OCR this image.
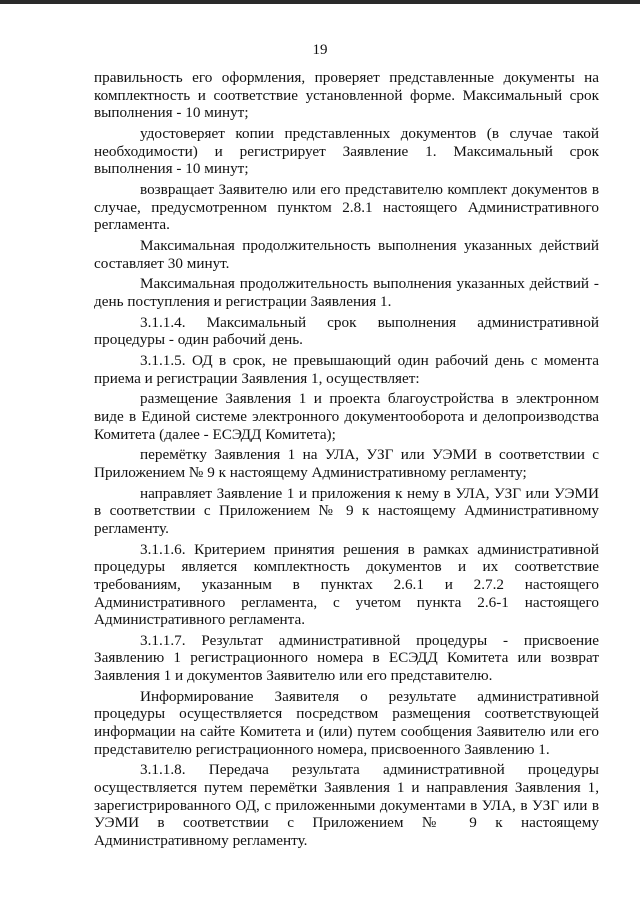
19

правильность его оформления, проверяет представленные документы на комплектность и соответствие установленной форме. Максимальный срок выполнения - 10 минут;

удостоверяет копии представленных документов (в случае такой необходимости) и регистрирует Заявление 1. Максимальный срок выполнения - 10 минут;

возвращает Заявителю или его представителю комплект документов в случае, предусмотренном пунктом 2.8.1 настоящего Административного регламента.

Максимальная продолжительность выполнения указанных действий составляет 30 минут.

Максимальная продолжительность выполнения указанных действий - день поступления и регистрации Заявления 1.

3.1.1.4. Максимальный срок выполнения административной процедуры - один рабочий день.

3.1.1.5. ОД в срок, не превышающий один рабочий день с момента приема и регистрации Заявления 1, осуществляет:

размещение Заявления 1 и проекта благоустройства в электронном виде в Единой системе электронного документооборота и делопроизводства Комитета (далее - ЕСЭДД Комитета);

перемётку Заявления 1 на УЛА, УЗГ или УЭМИ в соответствии с Приложением № 9 к настоящему Административному регламенту;

направляет Заявление 1 и приложения к нему в УЛА, УЗГ или УЭМИ в соответствии с Приложением № 9 к настоящему Административному регламенту.

3.1.1.6. Критерием принятия решения в рамках административной процедуры является комплектность документов и их соответствие требованиям, указанным в пунктах 2.6.1 и 2.7.2 настоящего Административного регламента, с учетом пункта 2.6-1 настоящего Административного регламента.

3.1.1.7. Результат административной процедуры - присвоение Заявлению 1 регистрационного номера в ЕСЭДД Комитета или возврат Заявления 1 и документов Заявителю или его представителю.

Информирование Заявителя о результате административной процедуры осуществляется посредством размещения соответствующей информации на сайте Комитета и (или) путем сообщения Заявителю или его представителю регистрационного номера, присвоенного Заявлению 1.

3.1.1.8. Передача результата административной процедуры осуществляется путем перемётки Заявления 1 и направления Заявления 1, зарегистрированного ОД, с приложенными документами в УЛА, в УЗГ или в УЭМИ в соответствии с Приложением № 9 к настоящему Административному регламенту.
